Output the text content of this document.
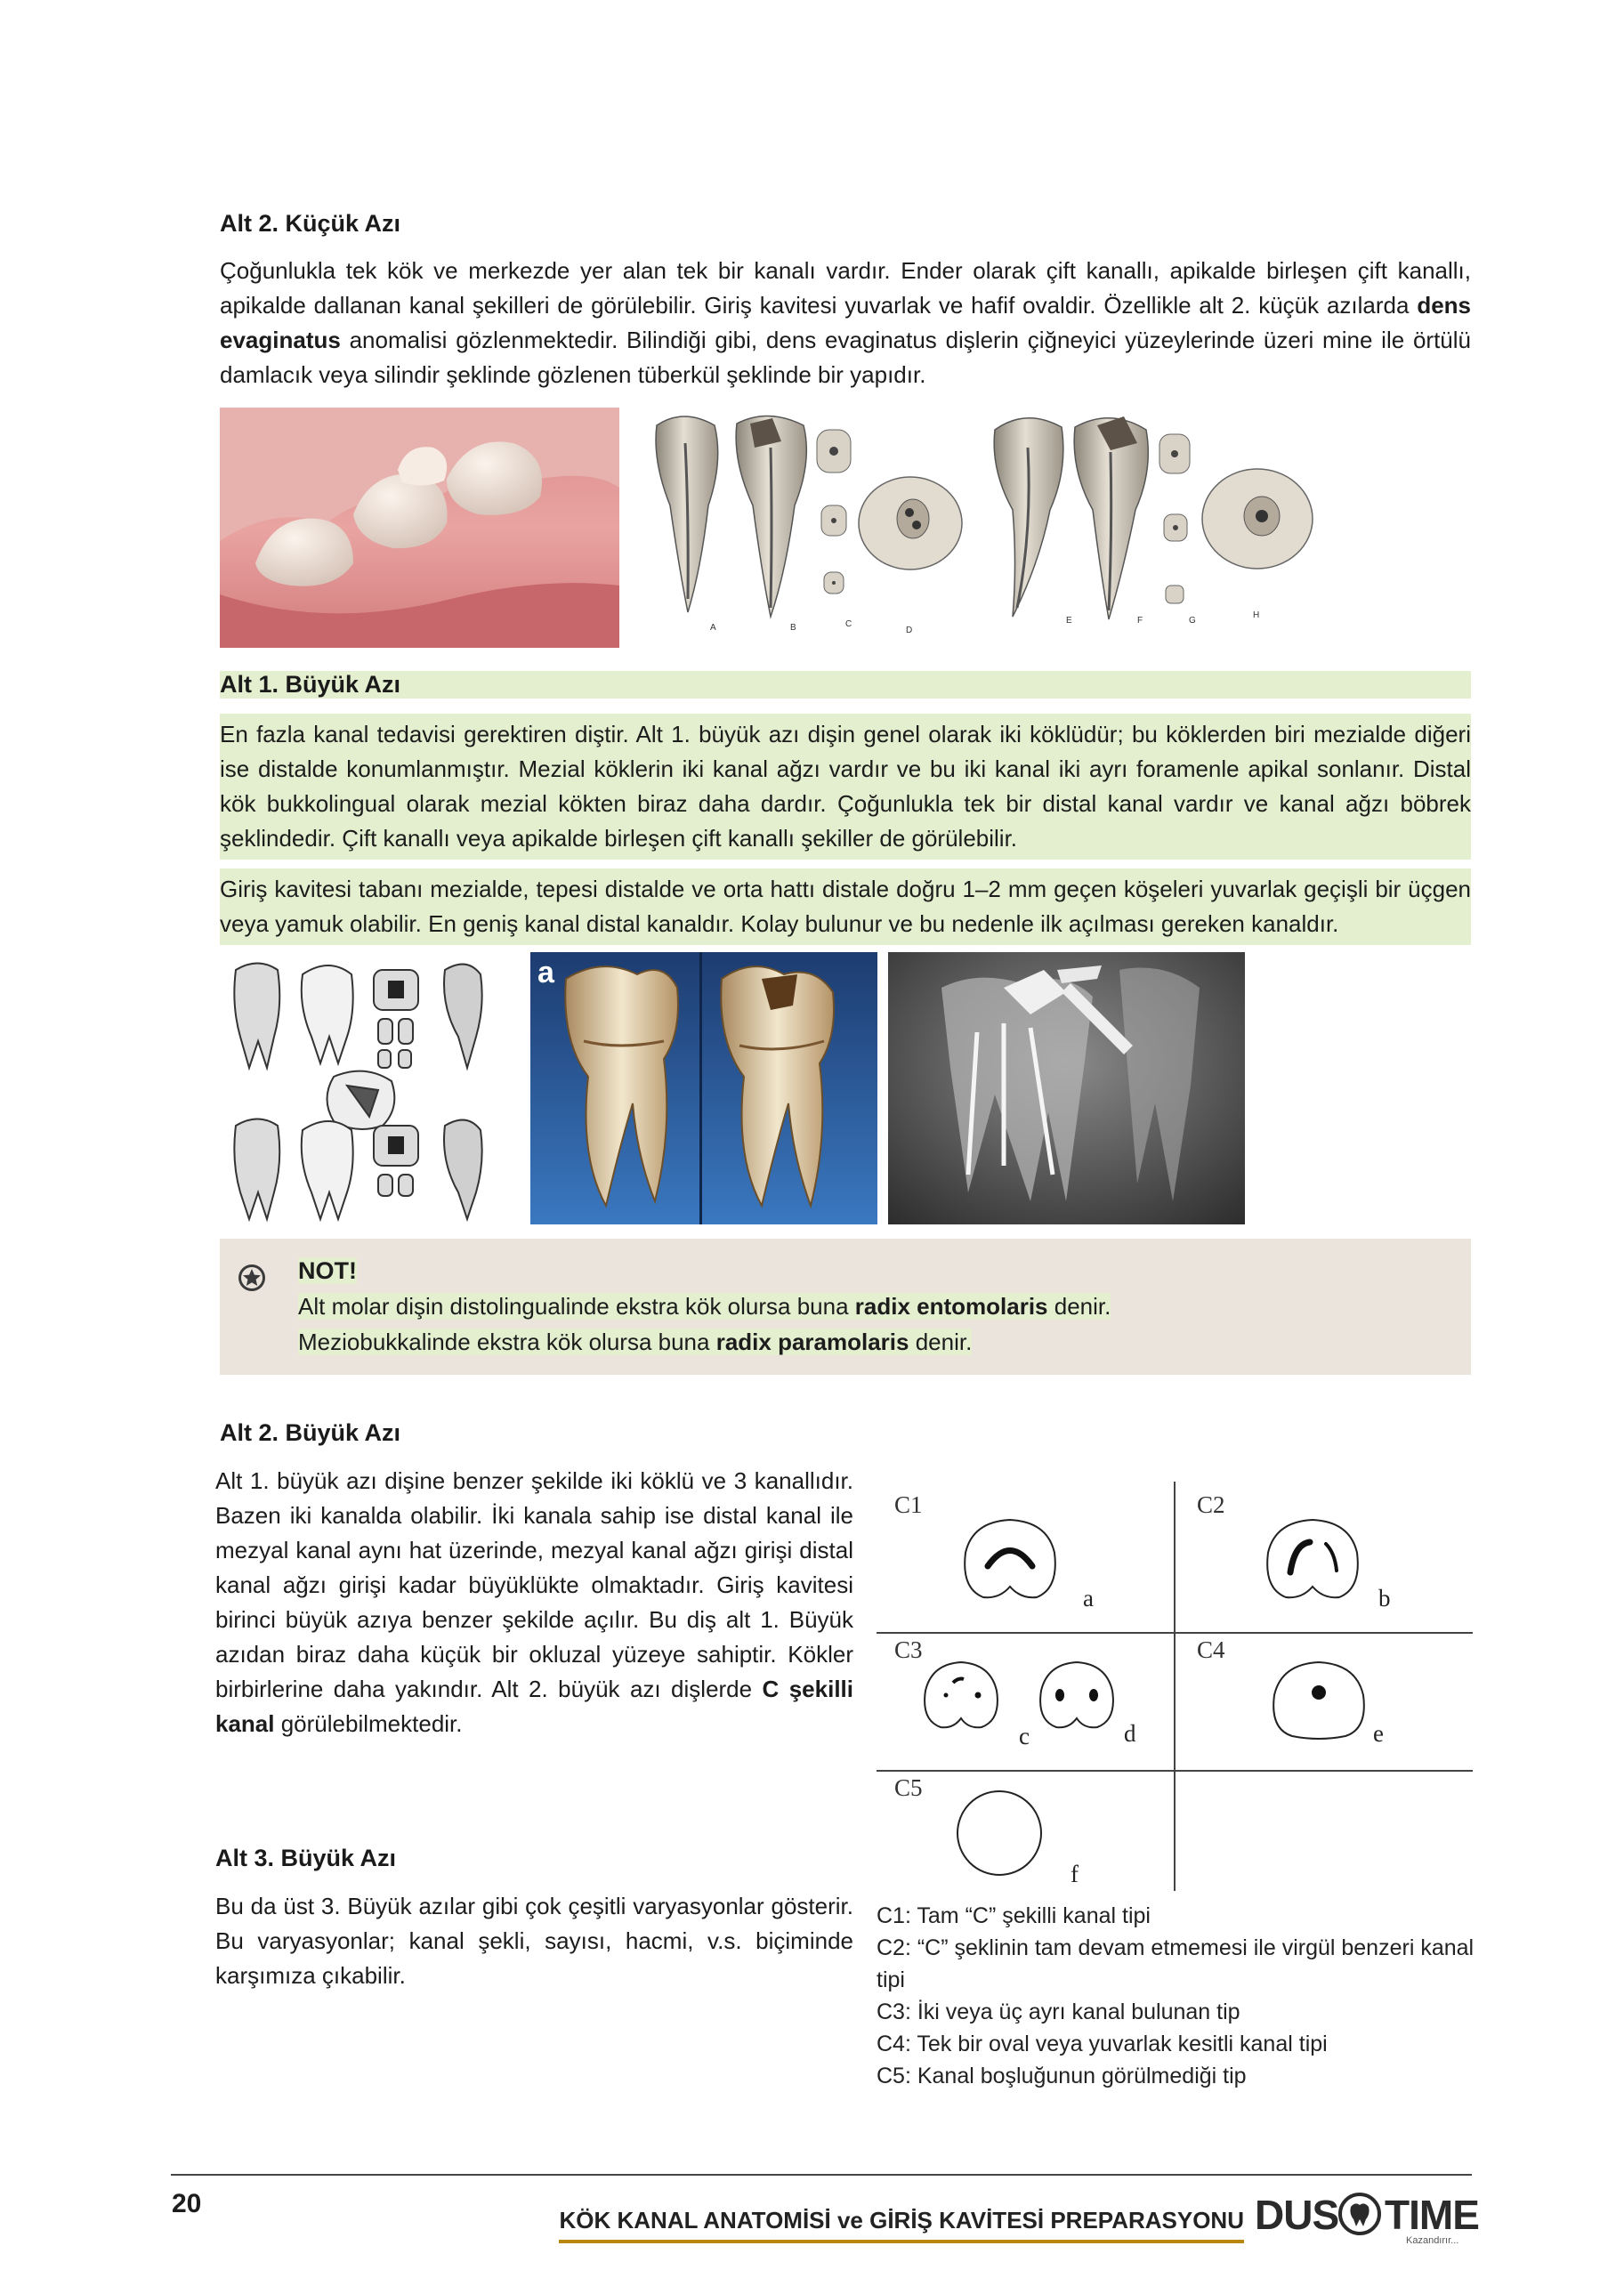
Alt 2. Küçük Azı

Çoğunlukla tek kök ve merkezde yer alan tek bir kanalı vardır. Ender olarak çift kanallı, apikalde birleşen çift kanallı, apikalde dallanan kanal şekilleri de görülebilir. Giriş kavitesi yuvarlak ve hafif ovaldir. Özellikle alt 2. küçük azılarda dens evaginatus anomalisi gözlenmektedir. Bilindiği gibi, dens evaginatus dişlerin çiğneyici yüzeylerinde üzeri mine ile örtülü damlacık veya silindir şeklinde gözlenen tüberkül şeklinde bir yapıdır.

A	B	C
D
E	F	G
H
Alt 1. Büyük Azı

En fazla kanal tedavisi gerektiren diştir. Alt 1. büyük azı dişin genel olarak iki köklüdür; bu köklerden biri mezialde diğeri ise distalde konumlanmıştır. Mezial köklerin iki kanal ağzı vardır ve bu iki kanal iki ayrı foramenle apikal sonlanır. Distal kök bukkolingual olarak mezial kökten biraz daha dardır. Çoğunlukla tek bir distal kanal vardır ve kanal ağzı böbrek şeklindedir. Çift kanallı veya apikalde birleşen çift kanallı şekiller de görülebilir.

Giriş kavitesi tabanı mezialde, tepesi distalde ve orta hattı distale doğru 1–2 mm geçen köşeleri yuvarlak geçişli bir üçgen veya yamuk olabilir. En geniş kanal distal kanaldır. Kolay bulunur ve bu nedenle ilk açılması gereken kanaldır.

a
NOT!
Alt molar dişin distolingualinde ekstra kök olursa buna radix entomolaris denir.
Meziobukkalinde ekstra kök olursa buna radix paramolaris denir.
Alt 2. Büyük Azı

Alt 1. büyük azı dişine benzer şekilde iki köklü ve 3 kanallıdır. Bazen iki kanalda olabilir. İki kanala sahip ise distal kanal ile mezyal kanal aynı hat üzerinde, mezyal kanal ağzı girişi distal kanal ağzı girişi kadar büyüklükte olmaktadır. Giriş kavitesi birinci büyük azıya benzer şekilde açılır. Bu diş alt 1. Büyük azıdan biraz daha küçük bir okluzal yüzeye sahiptir. Kökler birbirlerine daha yakındır. Alt 2. büyük azı dişlerde C şekilli kanal görülebilmektedir.

Alt 3. Büyük Azı

Bu da üst 3. Büyük azılar gibi çok çeşitli varyasyonlar gösterir. Bu varyasyonlar; kanal şekli, sayısı, hacmi, v.s. biçiminde karşımıza çıkabilir.

C1	C2
C3	C4
C5
a	b
c	d	e
f
C1: Tam “C” şekilli kanal tipi
C2: “C” şeklinin tam devam etmemesi ile virgül benzeri kanal tipi
C3: İki veya üç ayrı kanal bulunan tip
C4: Tek bir oval veya yuvarlak kesitli kanal tipi
C5: Kanal boşluğunun görülmediği tip
20
KÖK KANAL ANATOMİSİ ve GİRİŞ KAVİTESİ PREPARASYONU DUS TIME
Kazandırır...
